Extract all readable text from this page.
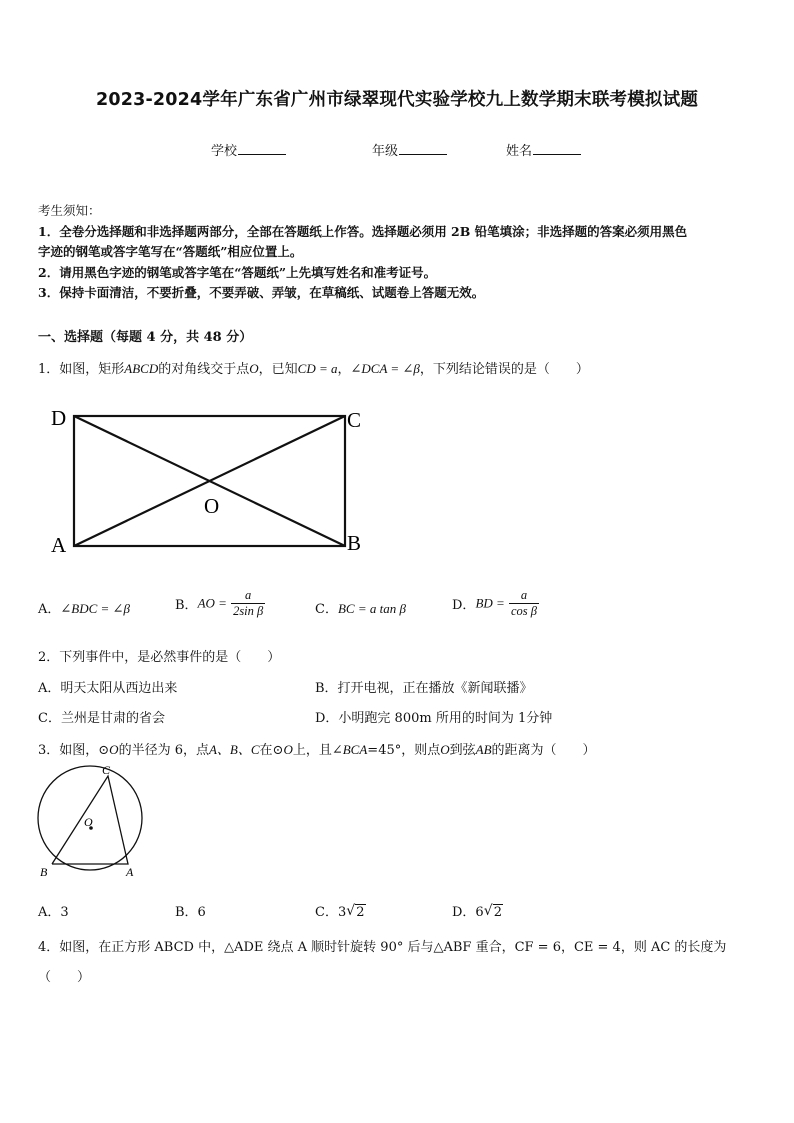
2023-2024学年广东省广州市绿翠现代实验学校九上数学期末联考模拟试题
学校	年级	姓名
考生须知：
1．全卷分选择题和非选择题两部分，全部在答题纸上作答。选择题必须用 2B 铅笔填涂；非选择题的答案必须用黑色
字迹的钢笔或答字笔写在“答题纸”相应位置上。
2．请用黑色字迹的钢笔或答字笔在“答题纸”上先填写姓名和准考证号。
3．保持卡面清洁，不要折叠，不要弄破、弄皱，在草稿纸、试题卷上答题无效。
一、选择题（每题 4 分，共 48 分）
1．如图，矩形ABCD的对角线交于点O，已知CD = a，∠DCA = ∠β，下列结论错误的是（　　）
D	C
A	B
O
A．∠BDC = ∠β	B．AO = $\frac{a}{\text{2sin β}}$	C．BC = a tan β	D．BD = $\frac{a}{\text{cos β}}$
2．下列事件中，是必然事件的是（　　）
A．明天太阳从西边出来	B．打开电视，正在播放《新闻联播》
C．兰州是甘肃的省会	D．小明跑完 800m 所用的时间为 1分钟
3．如图，⊙O的半径为 6，点A、B、C在⊙O上，且∠BCA=45°，则点O到弦AB的距离为（　　）
C
O
B	A
A．3	B．6	C．3 √ 2	D．6 √ 2
4．如图，在正方形 ABCD 中，△ADE 绕点 A 顺时针旋转 90° 后与△ABF 重合，CF = 6，CE = 4，则 AC 的长度为
（　　）
